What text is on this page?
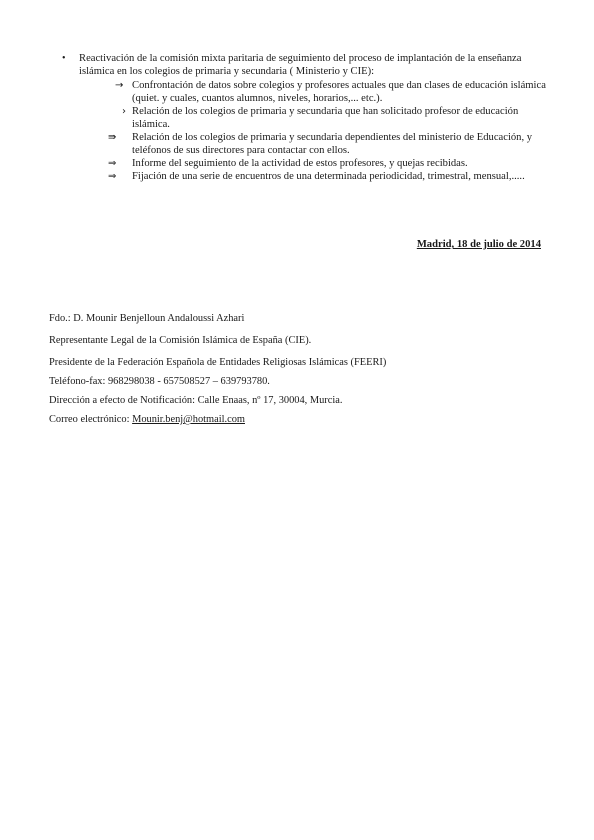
• Reactivación de la comisión mixta paritaria de seguimiento del proceso de implantación de la enseñanza islámica en los colegios de primaria y secundaria ( Ministerio y CIE):
→ Confrontación de datos sobre colegios y profesores actuales que dan clases de educación islámica (quiet. y cuales, cuantos alumnos, niveles, horarios,... etc.).
› Relación de los colegios de primaria y secundaria que han solicitado profesor de educación islámica.
⇛	Relación de los colegios de primaria y secundaria dependientes del ministerio de Educación, y teléfonos de sus directores para contactar con ellos.
⇒	Informe del seguimiento de la actividad de estos profesores, y quejas recibidas.
⇒	Fijación de una serie de encuentros de una determinada periodicidad, trimestral, mensual,.....
Madrid, 18 de julio de 2014
Fdo.: D. Mounir Benjelloun Andaloussi Azhari
Representante Legal de la Comisión Islámica de España (CIE).
Presidente de la Federación Española de Entidades Religiosas Islámicas (FEERI)
Teléfono-fax: 968298038 - 657508527 – 639793780.
Dirección a efecto de Notificación: Calle Enaas, nº 17, 30004, Murcia.
Correo electrónico: Mounir.benj@hotmail.com
